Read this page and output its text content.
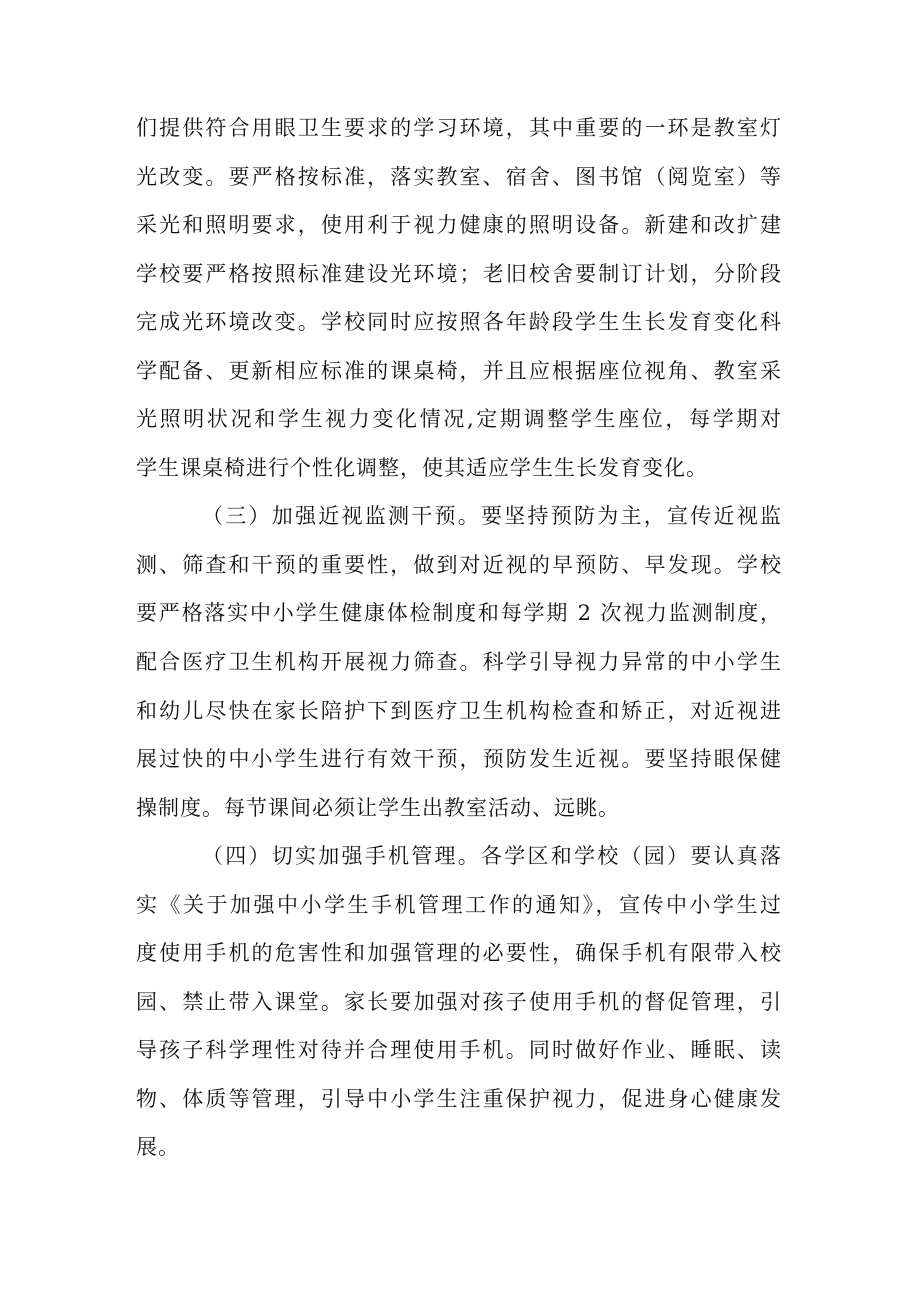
们提供符合用眼卫生要求的学习环境，其中重要的一环是教室灯
光改变。要严格按标准，落实教室、宿舍、图书馆（阅览室）等
采光和照明要求，使用利于视力健康的照明设备。新建和改扩建
学校要严格按照标准建设光环境；老旧校舍要制订计划，分阶段
完成光环境改变。学校同时应按照各年龄段学生生长发育变化科
学配备、更新相应标准的课桌椅，并且应根据座位视角、教室采
光照明状况和学生视力变化情况,定期调整学生座位，每学期对
学生课桌椅进行个性化调整，使其适应学生生长发育变化。
（三）加强近视监测干预。要坚持预防为主，宣传近视监
测、筛查和干预的重要性，做到对近视的早预防、早发现。学校
要严格落实中小学生健康体检制度和每学期 2 次视力监测制度，
配合医疗卫生机构开展视力筛查。科学引导视力异常的中小学生
和幼儿尽快在家长陪护下到医疗卫生机构检查和矫正，对近视进
展过快的中小学生进行有效干预，预防发生近视。要坚持眼保健
操制度。每节课间必须让学生出教室活动、远眺。
（四）切实加强手机管理。各学区和学校（园）要认真落
实《关于加强中小学生手机管理工作的通知》，宣传中小学生过
度使用手机的危害性和加强管理的必要性，确保手机有限带入校
园、禁止带入课堂。家长要加强对孩子使用手机的督促管理，引
导孩子科学理性对待并合理使用手机。同时做好作业、睡眠、读
物、体质等管理，引导中小学生注重保护视力，促进身心健康发
展。
